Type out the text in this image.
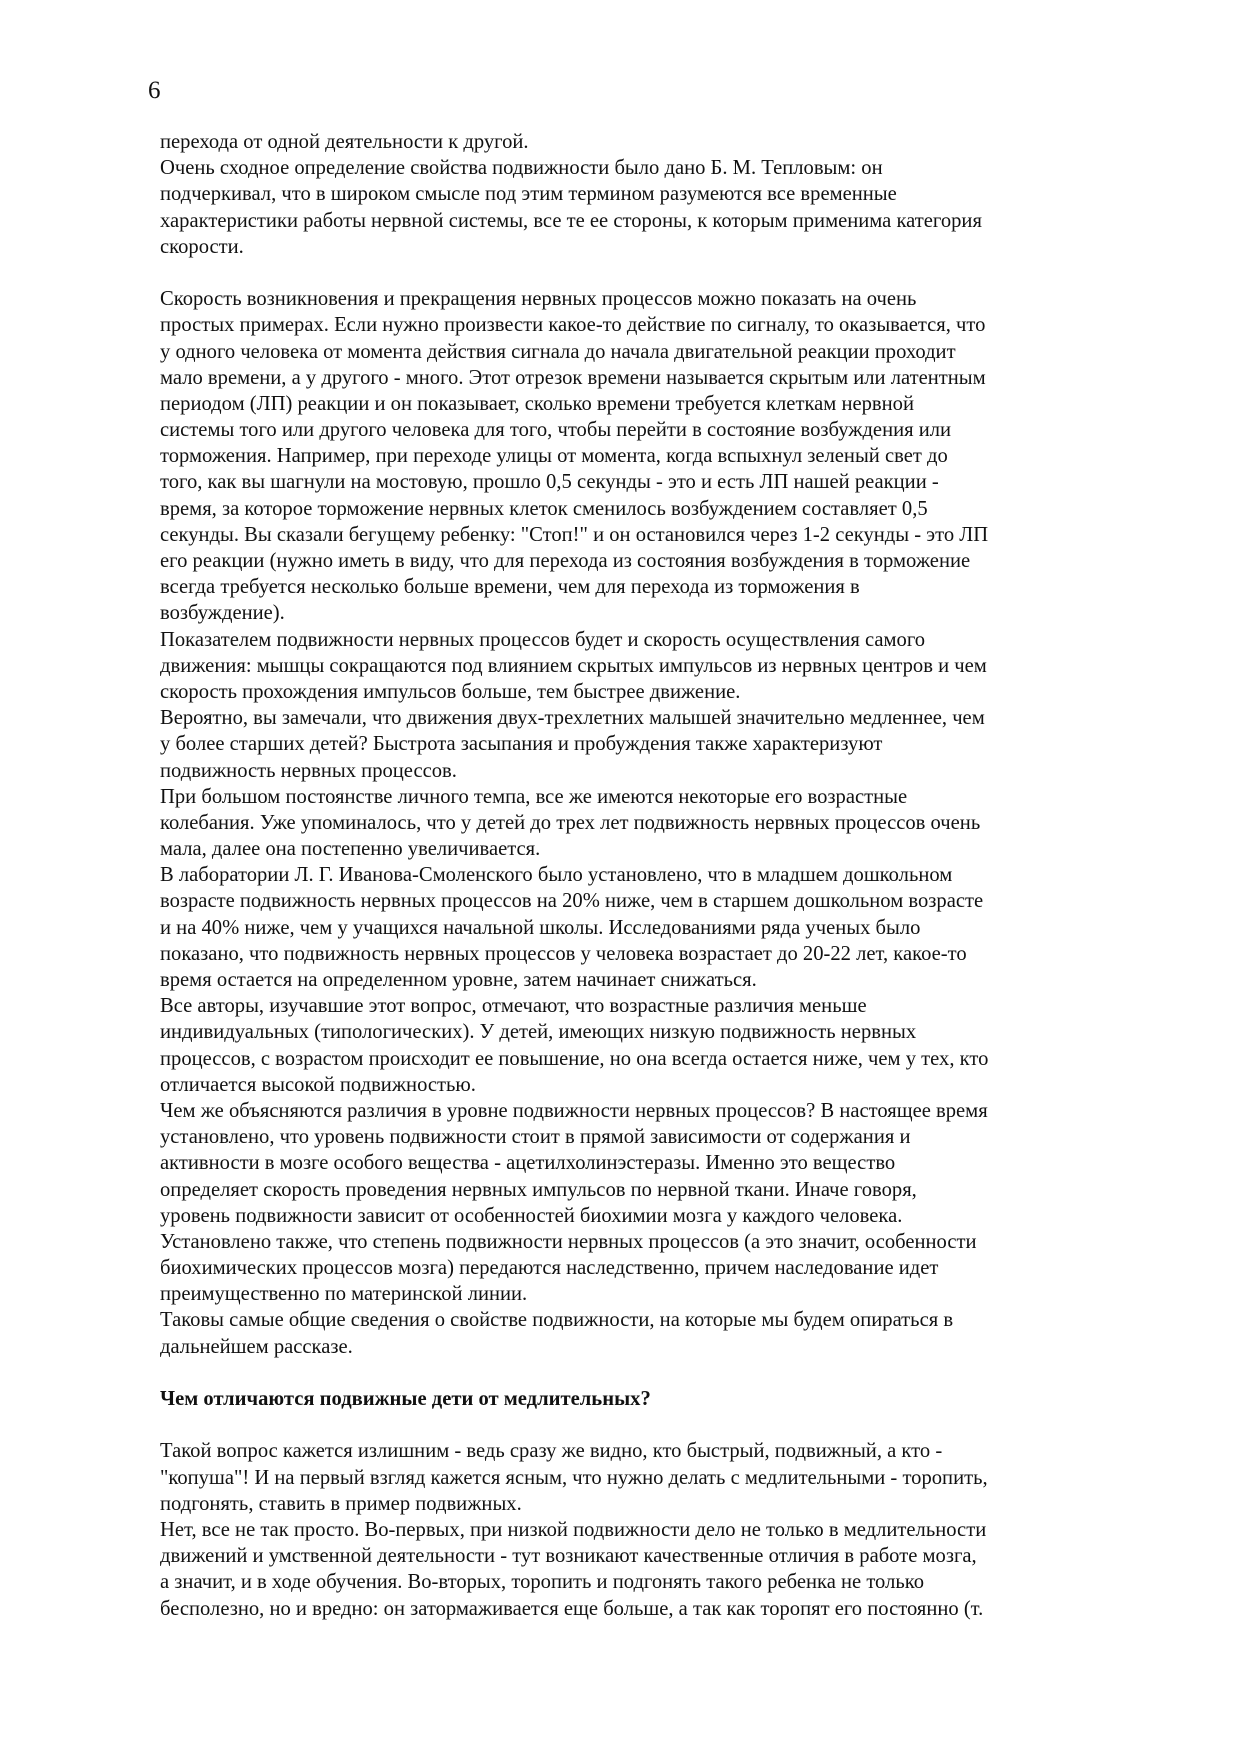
6
перехода от одной деятельности к другой.
Очень сходное определение свойства подвижности было дано Б. М. Тепловым: он
подчеркивал, что в широком смысле под этим термином разумеются все временные
характеристики работы нервной системы, все те ее стороны, к которым применима категория
скорости.
Скорость возникновения и прекращения нервных процессов можно показать на очень
простых примерах. Если нужно произвести какое-то действие по сигналу, то оказывается, что
у одного человека от момента действия сигнала до начала двигательной реакции проходит
мало времени, а у другого - много. Этот отрезок времени называется скрытым или латентным
периодом (ЛП) реакции и он показывает, сколько времени требуется клеткам нервной
системы того или другого человека для того, чтобы перейти в состояние возбуждения или
торможения. Например, при переходе улицы от момента, когда вспыхнул зеленый свет до
того, как вы шагнули на мостовую, прошло 0,5 секунды - это и есть ЛП нашей реакции -
время, за которое торможение нервных клеток сменилось возбуждением составляет 0,5
секунды. Вы сказали бегущему ребенку: "Стоп!" и он остановился через 1-2 секунды - это ЛП
его реакции (нужно иметь в виду, что для перехода из состояния возбуждения в торможение
всегда требуется несколько больше времени, чем для перехода из торможения в
возбуждение).
Показателем подвижности нервных процессов будет и скорость осуществления самого
движения: мышцы сокращаются под влиянием скрытых импульсов из нервных центров и чем
скорость прохождения импульсов больше, тем быстрее движение.
Вероятно, вы замечали, что движения двух-трехлетних малышей значительно медленнее, чем
у более старших детей? Быстрота засыпания и пробуждения также характеризуют
подвижность нервных процессов.
При большом постоянстве личного темпа, все же имеются некоторые его возрастные
колебания. Уже упоминалось, что у детей до трех лет подвижность нервных процессов очень
мала, далее она постепенно увеличивается.
В лаборатории Л. Г. Иванова-Смоленского было установлено, что в младшем дошкольном
возрасте подвижность нервных процессов на 20% ниже, чем в старшем дошкольном возрасте
и на 40% ниже, чем у учащихся начальной школы. Исследованиями ряда ученых было
показано, что подвижность нервных процессов у человека возрастает до 20-22 лет, какое-то
время остается на определенном уровне, затем начинает снижаться.
Все авторы, изучавшие этот вопрос, отмечают, что возрастные различия меньше
индивидуальных (типологических). У детей, имеющих низкую подвижность нервных
процессов, с возрастом происходит ее повышение, но она всегда остается ниже, чем у тех, кто
отличается высокой подвижностью.
Чем же объясняются различия в уровне подвижности нервных процессов? В настоящее время
установлено, что уровень подвижности стоит в прямой зависимости от содержания и
активности в мозге особого вещества - ацетилхолинэстеразы. Именно это вещество
определяет скорость проведения нервных импульсов по нервной ткани. Иначе говоря,
уровень подвижности зависит от особенностей биохимии мозга у каждого человека.
Установлено также, что степень подвижности нервных процессов (а это значит, особенности
биохимических процессов мозга) передаются наследственно, причем наследование идет
преимущественно по материнской линии.
Таковы самые общие сведения о свойстве подвижности, на которые мы будем опираться в
дальнейшем рассказе.
Чем отличаются подвижные дети от медлительных?
Такой вопрос кажется излишним - ведь сразу же видно, кто быстрый, подвижный, а кто -
"копуша"! И на первый взгляд кажется ясным, что нужно делать с медлительными - торопить,
подгонять, ставить в пример подвижных.
Нет, все не так просто. Во-первых, при низкой подвижности дело не только в медлительности
движений и умственной деятельности - тут возникают качественные отличия в работе мозга,
а значит, и в ходе обучения. Во-вторых, торопить и подгонять такого ребенка не только
бесполезно, но и вредно: он затормаживается еще больше, а так как торопят его постоянно (т.
